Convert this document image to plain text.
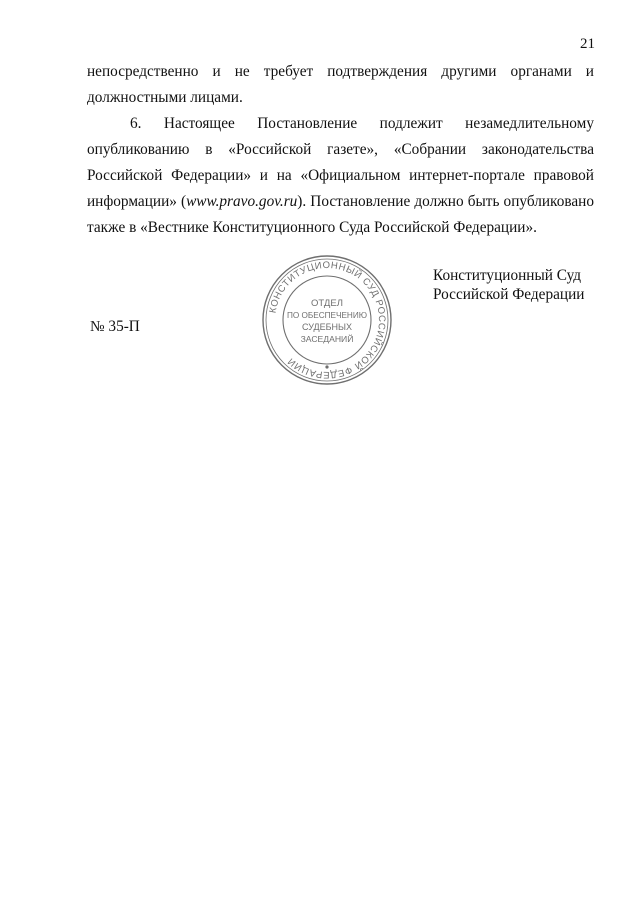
21

непосредственно и не требует подтверждения другими органами и должностными лицами.

6. Настоящее Постановление подлежит незамедлительному опубликованию в «Российской газете», «Собрании законодательства Российской Федерации» и на «Официальном интернет-портале правовой информации» (www.pravo.gov.ru). Постановление должно быть опубликовано также в «Вестнике Конституционного Суда Российской Федерации».

Конституционный Суд
Российской Федерации
№ 35-П
КОНСТИТУЦИОННЫЙ СУД РОССИЙСКОЙ ФЕДЕРАЦИИ
ОТДЕЛ
ПО ОБЕСПЕЧЕНИЮ
СУДЕБНЫХ
ЗАСЕДАНИЙ
